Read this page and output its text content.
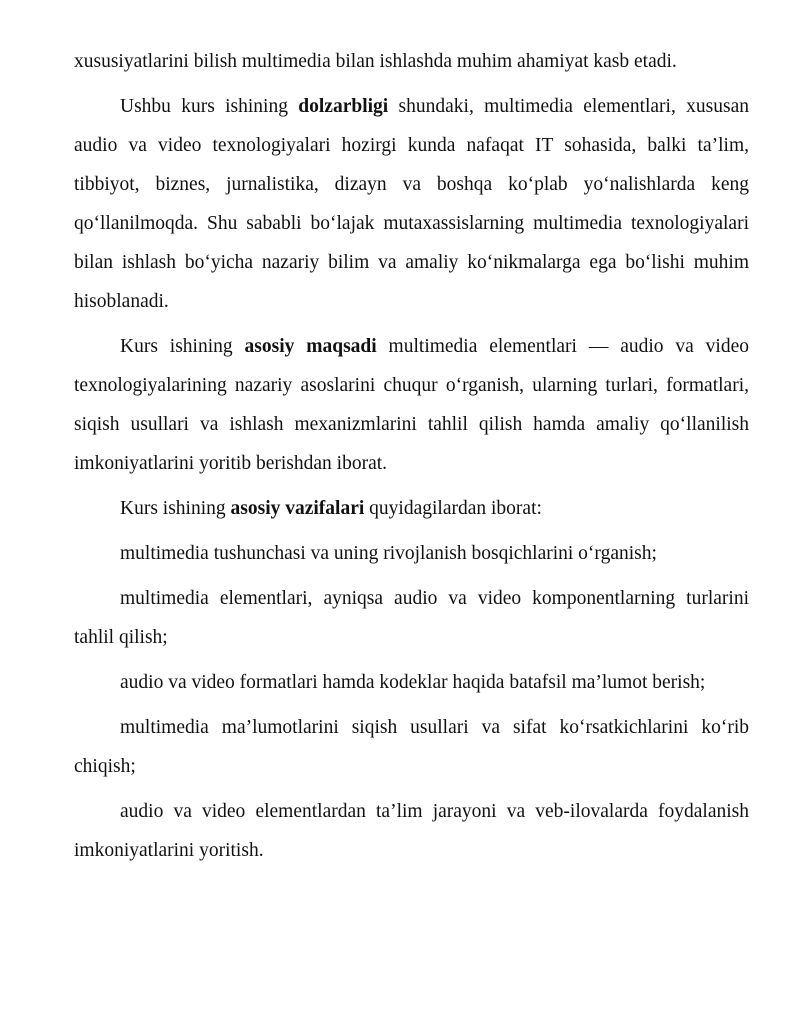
xususiyatlarini bilish multimedia bilan ishlashda muhim ahamiyat kasb etadi.

Ushbu kurs ishining dolzarbligi shundaki, multimedia elementlari, xususan audio va video texnologiyalari hozirgi kunda nafaqat IT sohasida, balki ta’lim, tibbiyot, biznes, jurnalistika, dizayn va boshqa ko‘plab yo‘nalishlarda keng qo‘llanilmoqda. Shu sababli bo‘lajak mutaxassislarning multimedia texnologiyalari bilan ishlash bo‘yicha nazariy bilim va amaliy ko‘nikmalarga ega bo‘lishi muhim hisoblanadi.

Kurs ishining asosiy maqsadi multimedia elementlari — audio va video texnologiyalarining nazariy asoslarini chuqur o‘rganish, ularning turlari, formatlari, siqish usullari va ishlash mexanizmlarini tahlil qilish hamda amaliy qo‘llanilish imkoniyatlarini yoritib berishdan iborat.

Kurs ishining asosiy vazifalari quyidagilardan iborat:

multimedia tushunchasi va uning rivojlanish bosqichlarini o‘rganish;

multimedia elementlari, ayniqsa audio va video komponentlarning turlarini tahlil qilish;

audio va video formatlari hamda kodeklar haqida batafsil ma’lumot berish;

multimedia ma’lumotlarini siqish usullari va sifat ko‘rsatkichlarini ko‘rib chiqish;

audio va video elementlardan ta’lim jarayoni va veb-ilovalarda foydalanish imkoniyatlarini yoritish.
